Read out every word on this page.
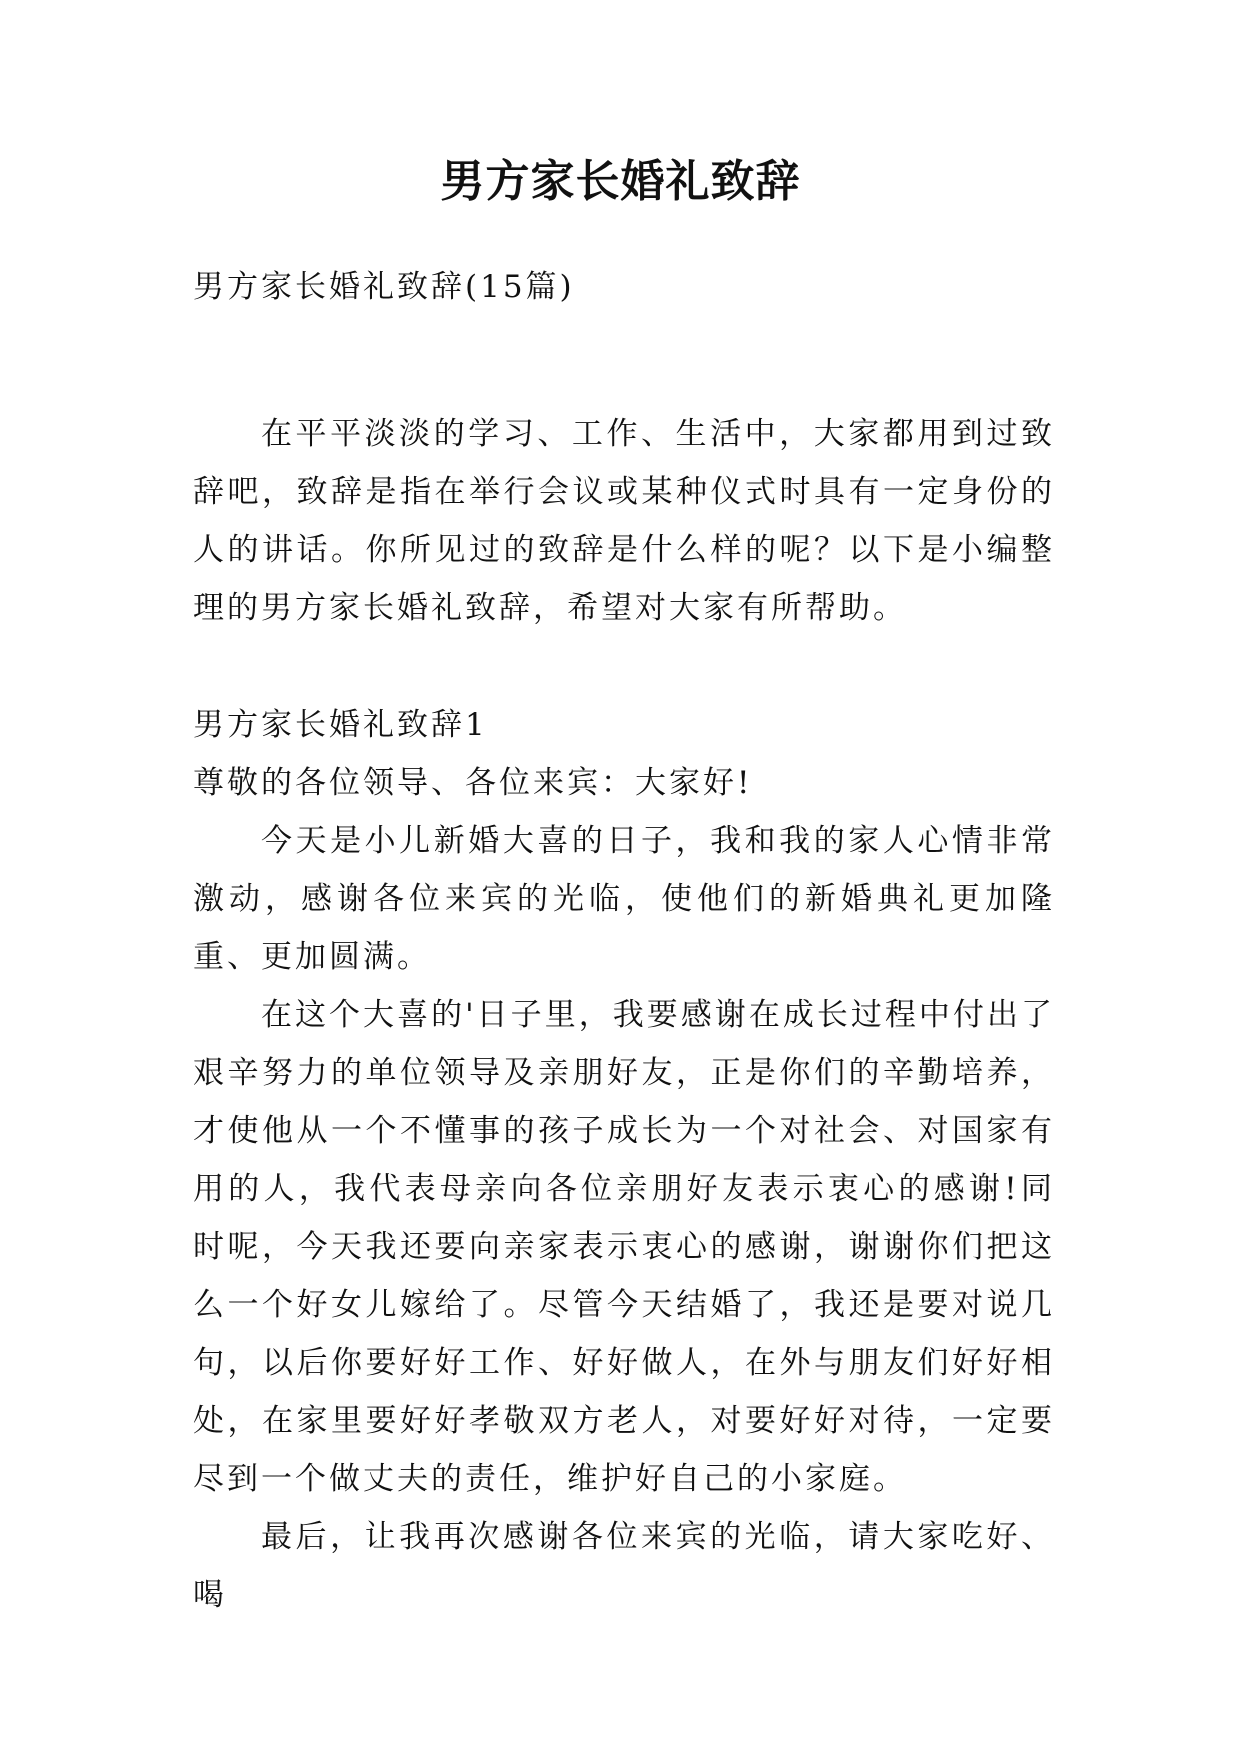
男方家长婚礼致辞

男方家长婚礼致辞(15篇)

在平平淡淡的学习、工作、生活中，大家都用到过致辞吧，致辞是指在举行会议或某种仪式时具有一定身份的人的讲话。你所见过的致辞是什么样的呢？以下是小编整理的男方家长婚礼致辞，希望对大家有所帮助。

男方家长婚礼致辞1

尊敬的各位领导、各位来宾：大家好!

今天是小儿新婚大喜的日子，我和我的家人心情非常激动，感谢各位来宾的光临，使他们的新婚典礼更加隆重、更加圆满。

在这个大喜的'日子里，我要感谢在成长过程中付出了艰辛努力的单位领导及亲朋好友，正是你们的辛勤培养，才使他从一个不懂事的孩子成长为一个对社会、对国家有用的人，我代表母亲向各位亲朋好友表示衷心的感谢!同时呢，今天我还要向亲家表示衷心的感谢，谢谢你们把这么一个好女儿嫁给了。尽管今天结婚了，我还是要对说几句，以后你要好好工作、好好做人，在外与朋友们好好相处，在家里要好好孝敬双方老人，对要好好对待，一定要尽到一个做丈夫的责任，维护好自己的小家庭。

最后，让我再次感谢各位来宾的光临，请大家吃好、喝
